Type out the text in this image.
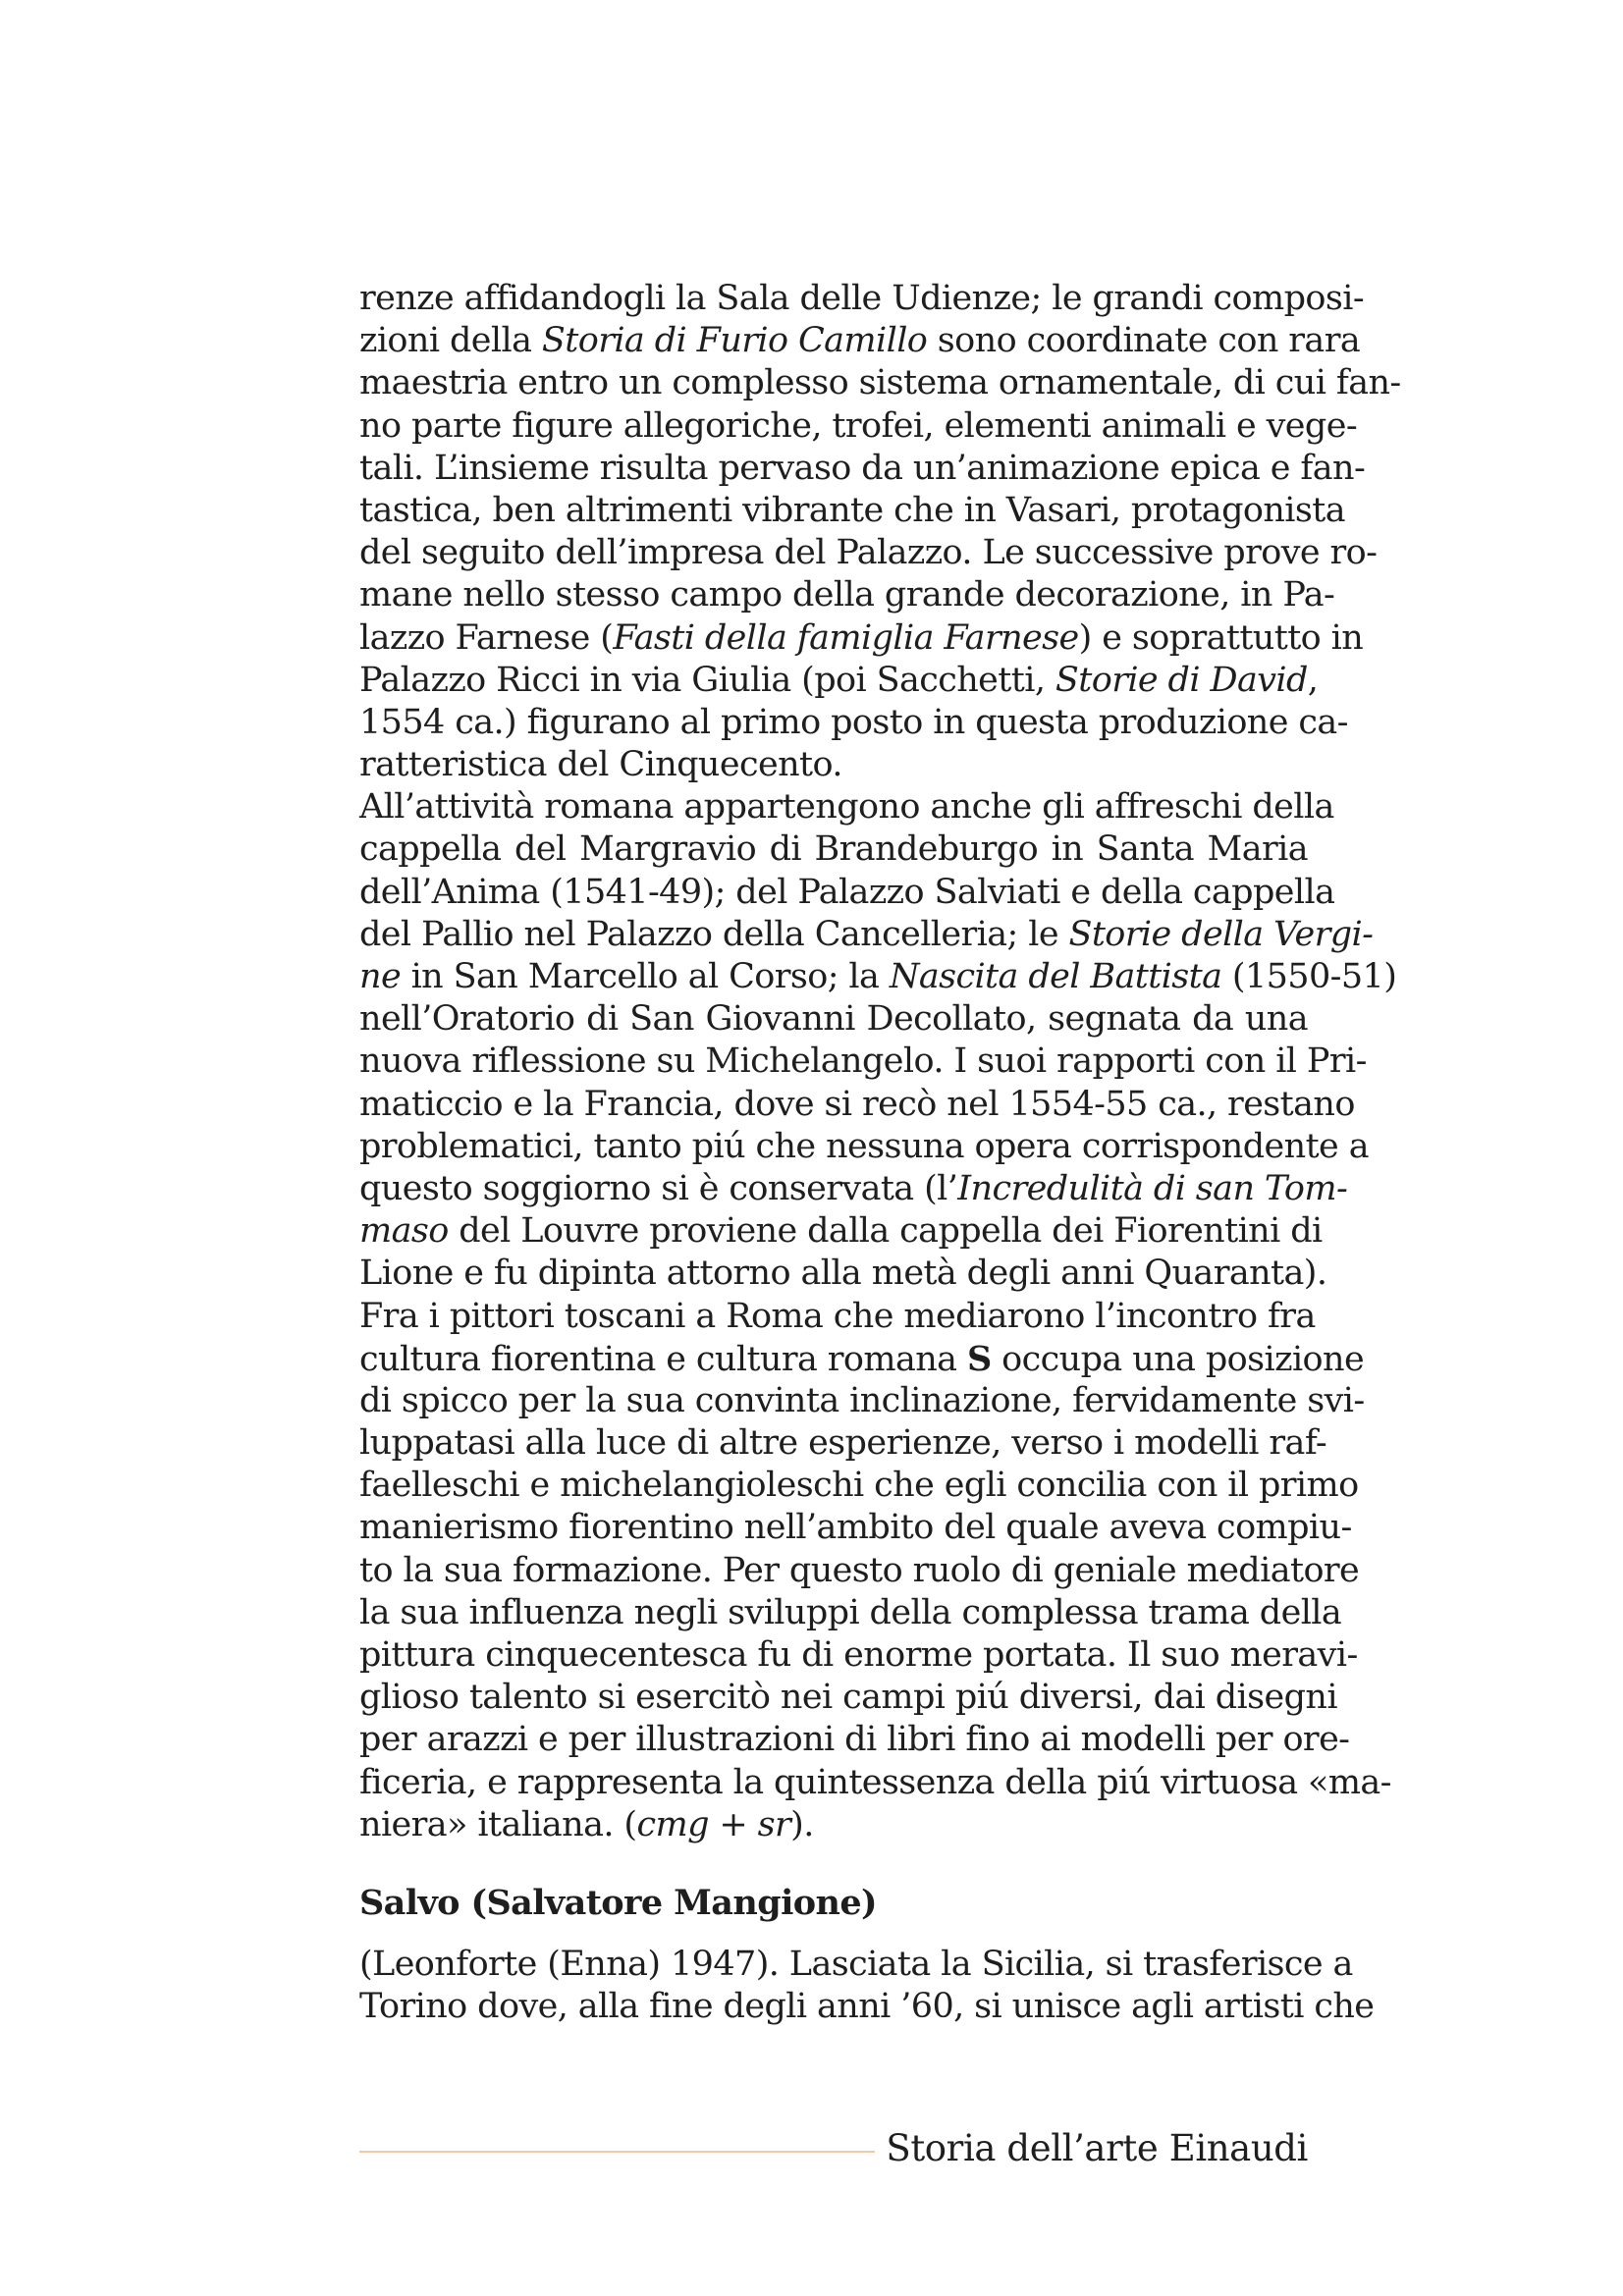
renze affidandogli la Sala delle Udienze; le grandi composi-
zioni della Storia di Furio Camillo sono coordinate con rara
maestria entro un complesso sistema ornamentale, di cui fan-
no parte figure allegoriche, trofei, elementi animali e vege-
tali. L’insieme risulta pervaso da un’animazione epica e fan-
tastica, ben altrimenti vibrante che in Vasari, protagonista
del seguito dell’impresa del Palazzo. Le successive prove ro-
mane nello stesso campo della grande decorazione, in Pa-
lazzo Farnese (Fasti della famiglia Farnese) e soprattutto in
Palazzo Ricci in via Giulia (poi Sacchetti, Storie di David,
1554 ca.) figurano al primo posto in questa produzione ca-
ratteristica del Cinquecento.
All’attività romana appartengono anche gli affreschi della
cappella del Margravio di Brandeburgo in Santa Maria
dell’Anima (1541-49); del Palazzo Salviati e della cappella
del Pallio nel Palazzo della Cancelleria; le Storie della Vergi-
ne in San Marcello al Corso; la Nascita del Battista (1550-51)
nell’Oratorio di San Giovanni Decollato, segnata da una
nuova riflessione su Michelangelo. I suoi rapporti con il Pri-
maticcio e la Francia, dove si recò nel 1554-55 ca., restano
problematici, tanto piú che nessuna opera corrispondente a
questo soggiorno si è conservata (l’Incredulità di san Tom-
maso del Louvre proviene dalla cappella dei Fiorentini di
Lione e fu dipinta attorno alla metà degli anni Quaranta).
Fra i pittori toscani a Roma che mediarono l’incontro fra
cultura fiorentina e cultura romana S occupa una posizione
di spicco per la sua convinta inclinazione, fervidamente svi-
luppatasi alla luce di altre esperienze, verso i modelli raf-
faelleschi e michelangioleschi che egli concilia con il primo
manierismo fiorentino nell’ambito del quale aveva compiu-
to la sua formazione. Per questo ruolo di geniale mediatore
la sua influenza negli sviluppi della complessa trama della
pittura cinquecentesca fu di enorme portata. Il suo meravi-
glioso talento si esercitò nei campi piú diversi, dai disegni
per arazzi e per illustrazioni di libri fino ai modelli per ore-
ficeria, e rappresenta la quintessenza della piú virtuosa «ma-
niera» italiana. (cmg + sr).
Salvo (Salvatore Mangione)
(Leonforte (Enna) 1947). Lasciata la Sicilia, si trasferisce a
Torino dove, alla fine degli anni ’60, si unisce agli artisti che
Storia dell’arte Einaudi
